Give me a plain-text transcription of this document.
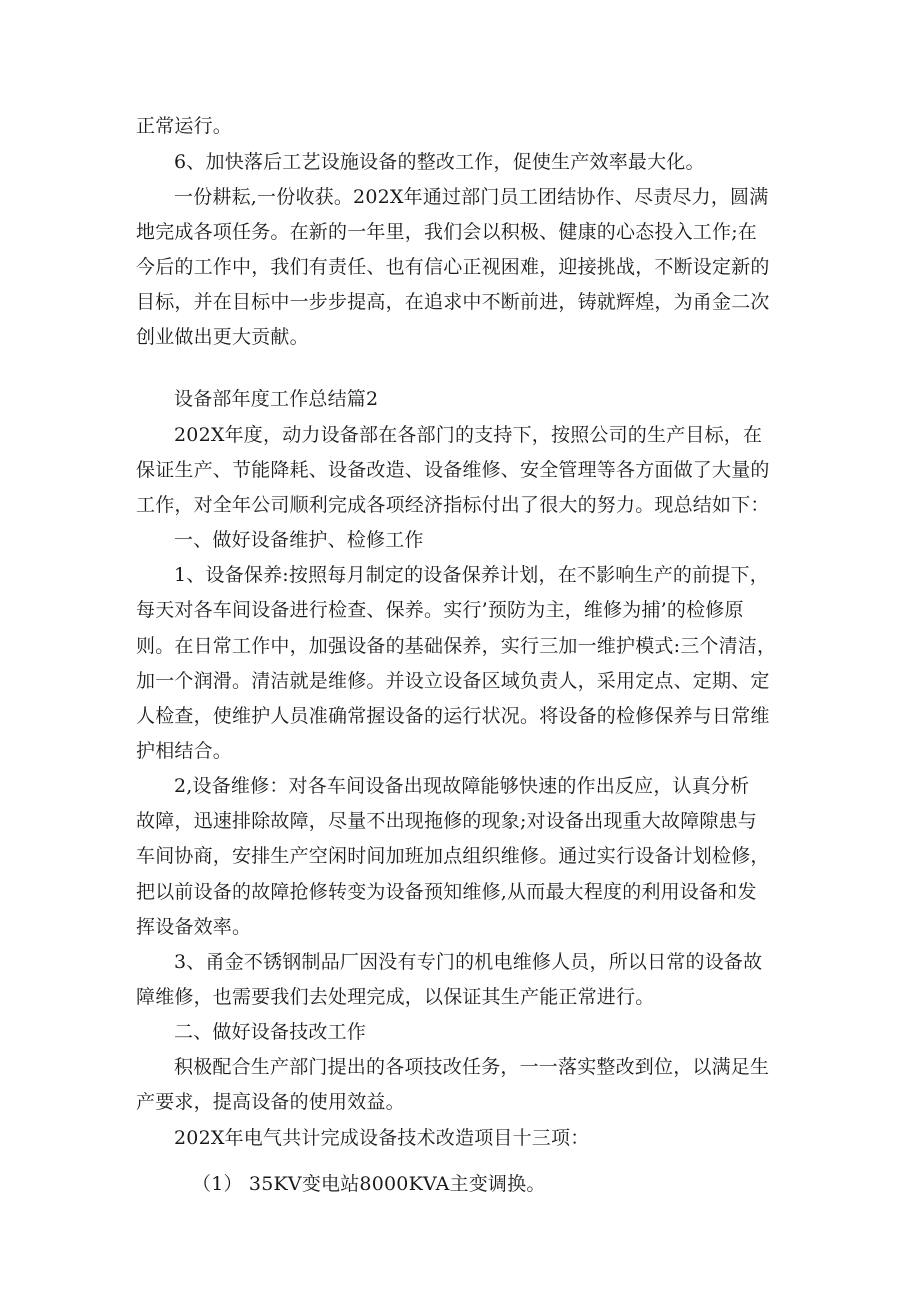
正常运行。
6、加快落后工艺设施设备的整改工作，促使生产效率最大化。
一份耕耘,一份收获。202X年通过部门员工团结协作、尽责尽力，圆满
地完成各项任务。在新的一年里，我们会以积极、健康的心态投入工作;在
今后的工作中，我们有责任、也有信心正视困难，迎接挑战，不断设定新的
目标，并在目标中一步步提高，在追求中不断前进，铸就辉煌，为甬金二次
创业做出更大贡献。
设备部年度工作总结篇2
202X年度，动力设备部在各部门的支持下，按照公司的生产目标，在
保证生产、节能降耗、设备改造、设备维修、安全管理等各方面做了大量的
工作，对全年公司顺利完成各项经济指标付出了很大的努力。现总结如下：
一、做好设备维护、检修工作
1、设备保养:按照每月制定的设备保养计划，在不影响生产的前提下，
每天对各车间设备进行检查、保养。实行’预防为主，维修为捕’的检修原
则。在日常工作中，加强设备的基础保养，实行三加一维护模式:三个清洁，
加一个润滑。清洁就是维修。并设立设备区域负责人，采用定点、定期、定
人检查，使维护人员准确常握设备的运行状况。将设备的检修保养与日常维
护相结合。
2,设备维修：对各车间设备出现故障能够快速的作出反应，认真分析
故障，迅速排除故障，尽量不出现拖修的现象;对设备出现重大故障隙患与
车间协商，安排生产空闲时间加班加点组织维修。通过实行设备计划检修，
把以前设备的故障抢修转变为设备预知维修,从而最大程度的利用设备和发
挥设备效率。
3、甬金不锈钢制品厂因没有专门的机电维修人员，所以日常的设备故
障维修，也需要我们去处理完成，以保证其生产能正常进行。
二、做好设备技改工作
积极配合生产部门提出的各项技改任务，一一落实整改到位，以满足生
产要求，提高设备的使用效益。
202X年电气共计完成设备技术改造项目十三项：
（1） 35KV变电站8000KVA主变调换。
